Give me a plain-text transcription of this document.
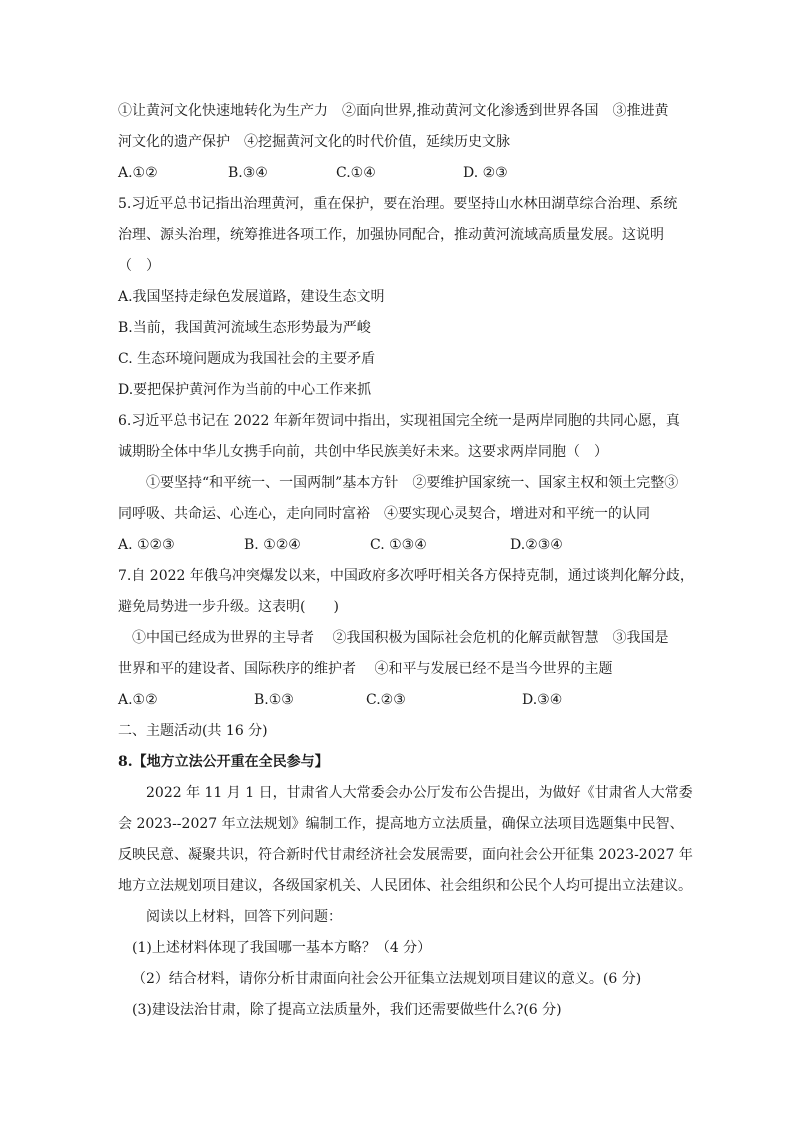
①让黄河文化快速地转化为生产力　②面向世界,推动黄河文化渗透到世界各国　③推进黄
河文化的遗产保护　④挖掘黄河文化的时代价值，延续历史文脉
A.①②	B.③④	C.①④	D. ②③
5.习近平总书记指出治理黄河，重在保护，要在治理。要坚持山水林田湖草综合治理、系统
治理、源头治理，统筹推进各项工作，加强协同配合，推动黄河流域高质量发展。这说明
（　）
A.我国坚持走绿色发展道路，建设生态文明
B.当前，我国黄河流域生态形势最为严峻
C. 生态环境问题成为我国社会的主要矛盾
D.要把保护黄河作为当前的中心工作来抓
6.习近平总书记在 2022 年新年贺词中指出，实现祖国完全统一是两岸同胞的共同心愿，真
诚期盼全体中华儿女携手向前，共创中华民族美好未来。这要求两岸同胞（　）
①要坚持“和平统一、一国两制”基本方针　②要维护国家统一、国家主权和领土完整③
同呼吸、共命运、心连心，走向同时富裕　④要实现心灵契合，增进对和平统一的认同
A. ①②③	B. ①②④	C. ①③④	D.②③④
7.自 2022 年俄乌冲突爆发以来，中国政府多次呼吁相关各方保持克制，通过谈判化解分歧，
避免局势进一步升级。这表明(　　)
①中国已经成为世界的主导者　 ②我国积极为国际社会危机的化解贡献智慧　③我国是
世界和平的建设者、国际秩序的维护者　 ④和平与发展已经不是当今世界的主题
A.①②	B.①③	C.②③	D.③④
二、主题活动(共 16 分)
8.【地方立法公开重在全民参与】
2022 年 11 月 1 日，甘肃省人大常委会办公厅发布公告提出，为做好《甘肃省人大常委
会 2023--2027 年立法规划》编制工作，提高地方立法质量，确保立法项目选题集中民智、
反映民意、凝聚共识，符合新时代甘肃经济社会发展需要，面向社会公开征集 2023-2027 年
地方立法规划项目建议，各级国家机关、人民团体、社会组织和公民个人均可提出立法建议。
阅读以上材料，回答下列问题：
(1)上述材料体现了我国哪一基本方略？（4 分）
（2）结合材料，请你分析甘肃面向社会公开征集立法规划项目建议的意义。(6 分)
(3)建设法治甘肃，除了提高立法质量外，我们还需要做些什么?(6 分)
